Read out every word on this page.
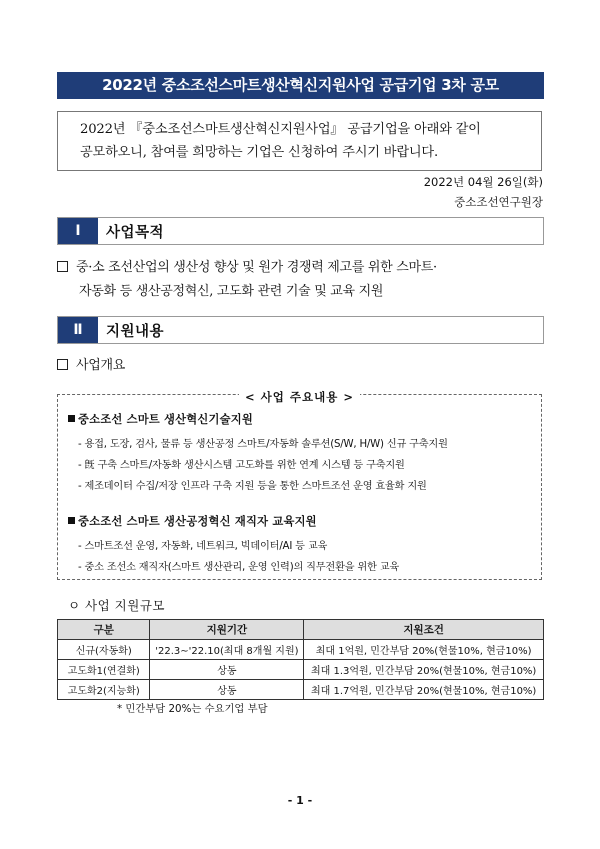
2022년 중소조선스마트생산혁신지원사업 공급기업 3차 공모
2022년 『중소조선스마트생산혁신지원사업』 공급기업을 아래와 같이
공모하오니, 참여를 희망하는 기업은 신청하여 주시기 바랍니다.
2022년 04월 26일(화)
중소조선연구원장
Ⅰ	사업목적
중·소 조선산업의 생산성 향상 및 원가 경쟁력 제고를 위한 스마트·
자동화 등 생산공정혁신, 고도화 관련 기술 및 교육 지원
Ⅱ	지원내용
사업개요
< 사업 주요내용 >
중소조선 스마트 생산혁신기술지원
- 용접, 도장, 검사, 물류 등 생산공정 스마트/자동화 솔루션(S/W, H/W) 신규 구축지원
- 旣 구축 스마트/자동화 생산시스템 고도화를 위한 연계 시스템 등 구축지원
- 제조데이터 수집/저장 인프라 구축 지원 등을 통한 스마트조선 운영 효율화 지원
중소조선 스마트 생산공정혁신 재직자 교육지원
- 스마트조선 운영, 자동화, 네트워크, 빅데이터/AI 등 교육
- 중소 조선소 재직자(스마트 생산관리, 운영 인력)의 직무전환을 위한 교육
ㅇ 사업 지원규모
구분	지원기간	지원조건
신규(자동화)	'22.3∼'22.10(최대 8개월 지원)	최대 1억원, 민간부담 20%(현물10%, 현금10%)
고도화1(연결화)	상동	최대 1.3억원, 민간부담 20%(현물10%, 현금10%)
고도화2(지능화)	상동	최대 1.7억원, 민간부담 20%(현물10%, 현금10%)
* 민간부담 20%는 수요기업 부담
- 1 -
